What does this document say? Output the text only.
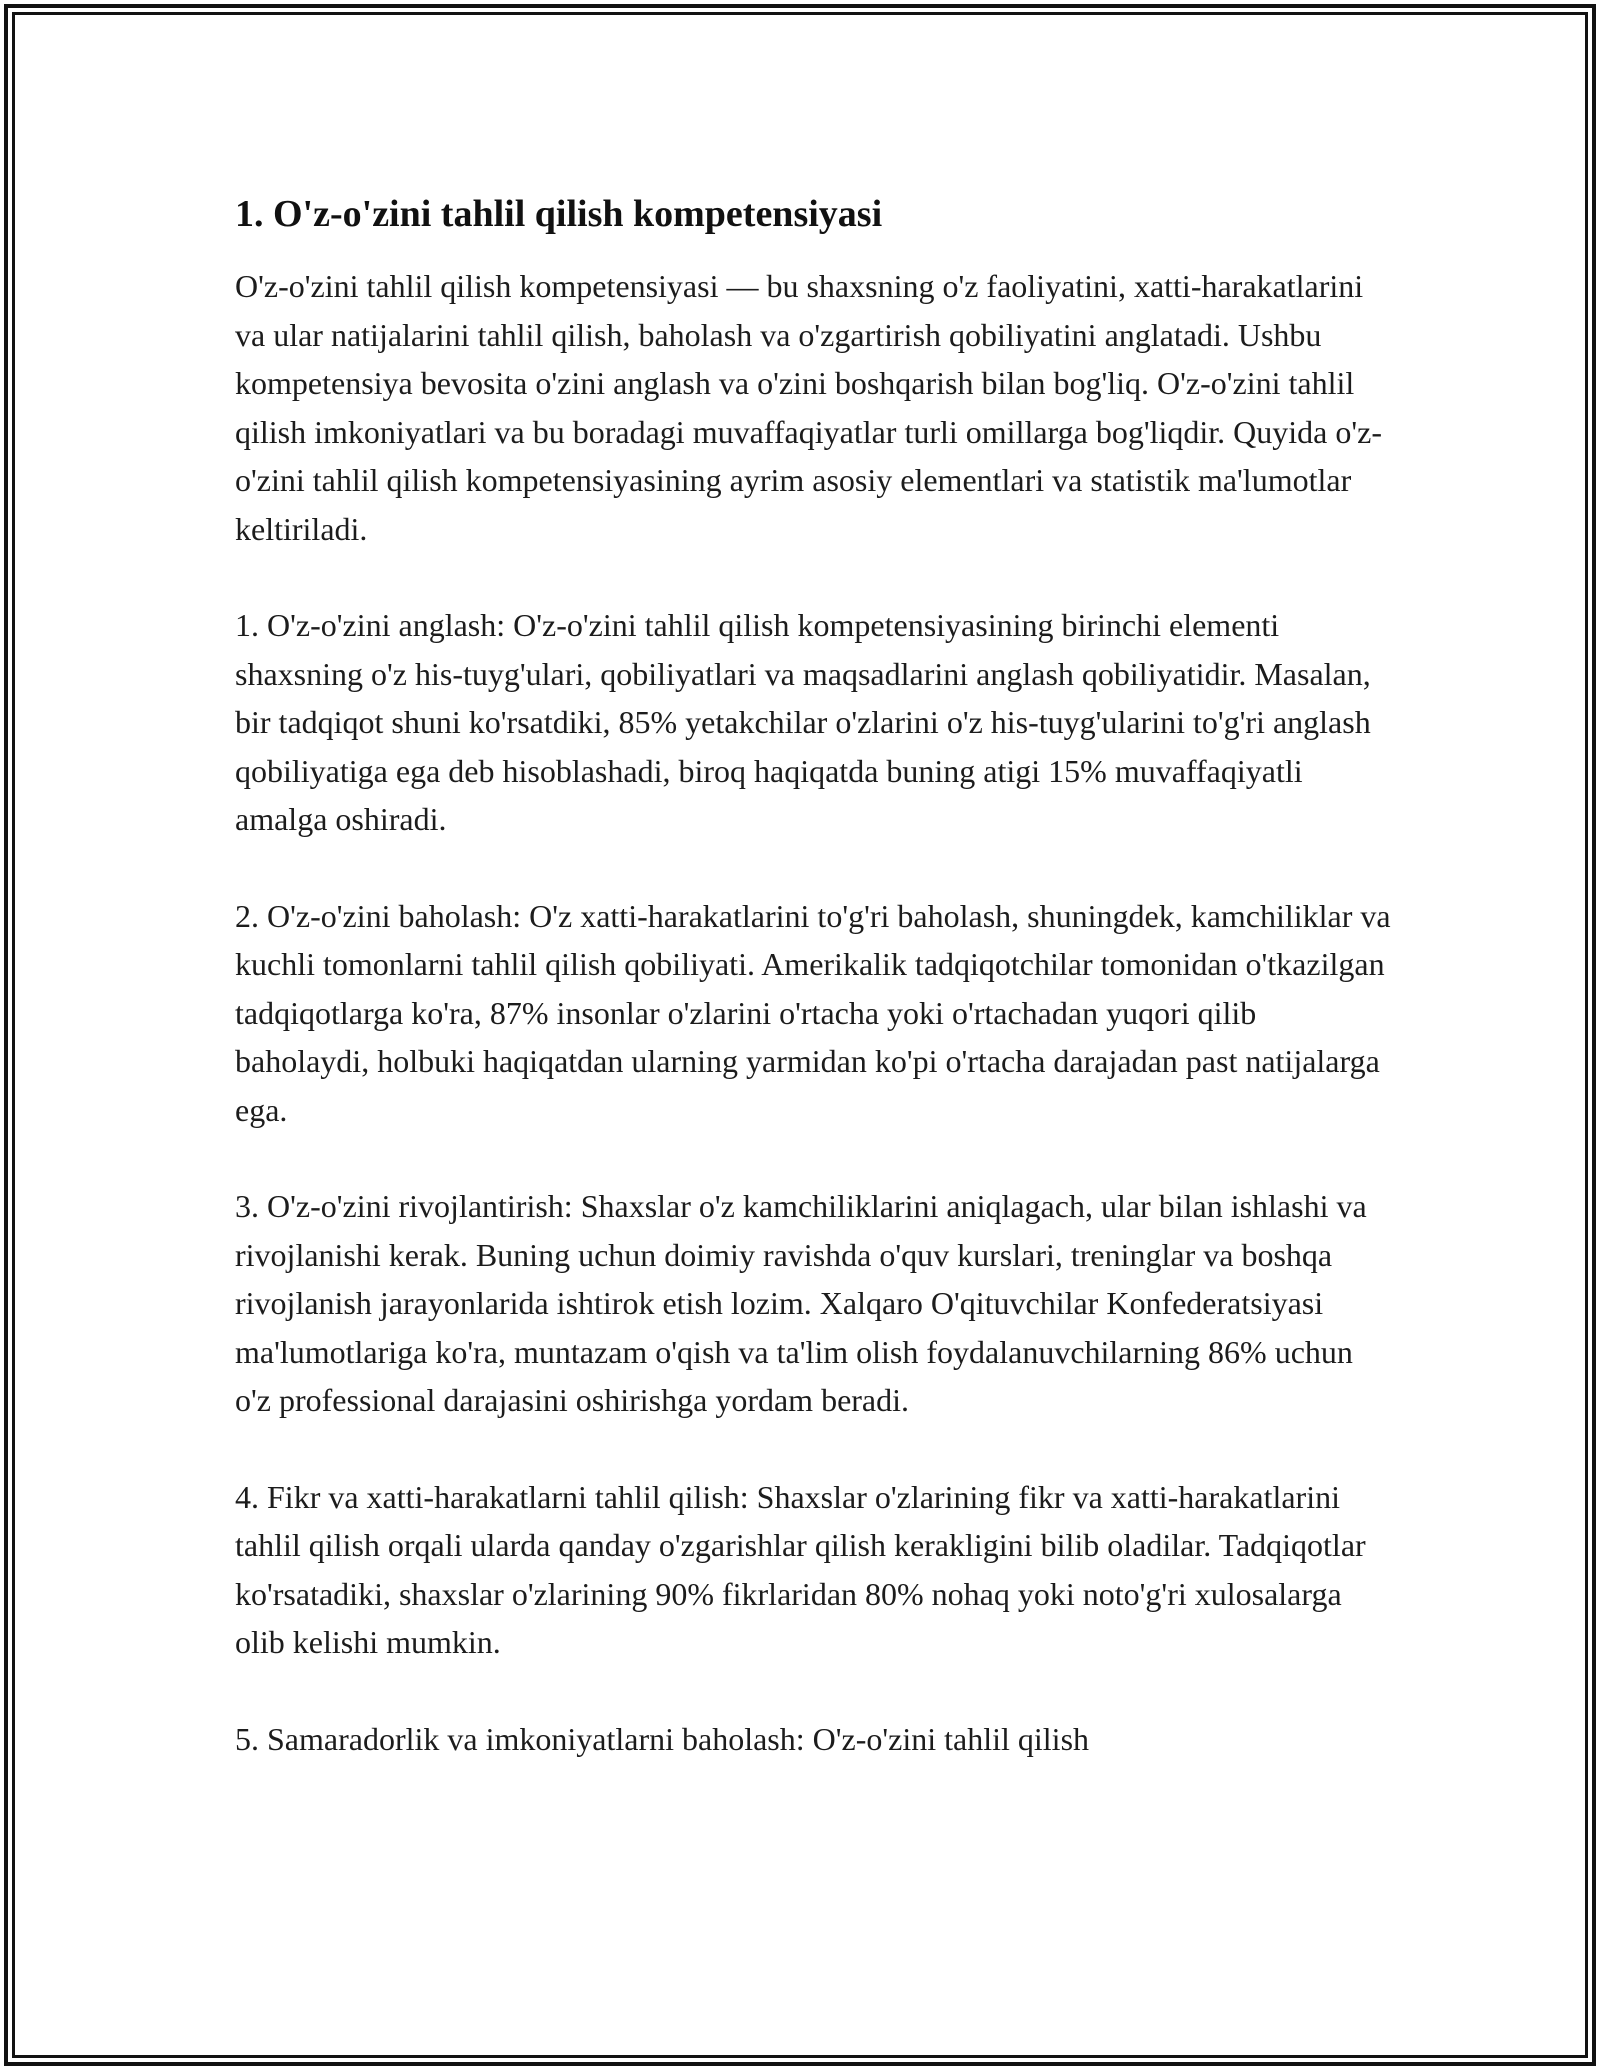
1. O'z-o'zini tahlil qilish kompetensiyasi

O'z-o'zini tahlil qilish kompetensiyasi — bu shaxsning o'z faoliyatini, xatti-harakatlarini va ular natijalarini tahlil qilish, baholash va o'zgartirish qobiliyatini anglatadi. Ushbu kompetensiya bevosita o'zini anglash va o'zini boshqarish bilan bog'liq. O'z-o'zini tahlil qilish imkoniyatlari va bu boradagi muvaffaqiyatlar turli omillarga bog'liqdir. Quyida o'z-o'zini tahlil qilish kompetensiyasining ayrim asosiy elementlari va statistik ma'lumotlar keltiriladi.

1. O'z-o'zini anglash: O'z-o'zini tahlil qilish kompetensiyasining birinchi elementi shaxsning o'z his-tuyg'ulari, qobiliyatlari va maqsadlarini anglash qobiliyatidir. Masalan, bir tadqiqot shuni ko'rsatdiki, 85% yetakchilar o'zlarini o'z his-tuyg'ularini to'g'ri anglash qobiliyatiga ega deb hisoblashadi, biroq haqiqatda buning atigi 15% muvaffaqiyatli amalga oshiradi.

2. O'z-o'zini baholash: O'z xatti-harakatlarini to'g'ri baholash, shuningdek, kamchiliklar va kuchli tomonlarni tahlil qilish qobiliyati. Amerikalik tadqiqotchilar tomonidan o'tkazilgan tadqiqotlarga ko'ra, 87% insonlar o'zlarini o'rtacha yoki o'rtachadan yuqori qilib baholaydi, holbuki haqiqatdan ularning yarmidan ko'pi o'rtacha darajadan past natijalarga ega.

3. O'z-o'zini rivojlantirish: Shaxslar o'z kamchiliklarini aniqlagach, ular bilan ishlashi va rivojlanishi kerak. Buning uchun doimiy ravishda o'quv kurslari, treninglar va boshqa rivojlanish jarayonlarida ishtirok etish lozim. Xalqaro O'qituvchilar Konfederatsiyasi ma'lumotlariga ko'ra, muntazam o'qish va ta'lim olish foydalanuvchilarning 86% uchun o'z professional darajasini oshirishga yordam beradi.

4. Fikr va xatti-harakatlarni tahlil qilish: Shaxslar o'zlarining fikr va xatti-harakatlarini tahlil qilish orqali ularda qanday o'zgarishlar qilish kerakligini bilib oladilar. Tadqiqotlar ko'rsatadiki, shaxslar o'zlarining 90% fikrlaridan 80% nohaq yoki noto'g'ri xulosalarga olib kelishi mumkin.

5. Samaradorlik va imkoniyatlarni baholash: O'z-o'zini tahlil qilish
